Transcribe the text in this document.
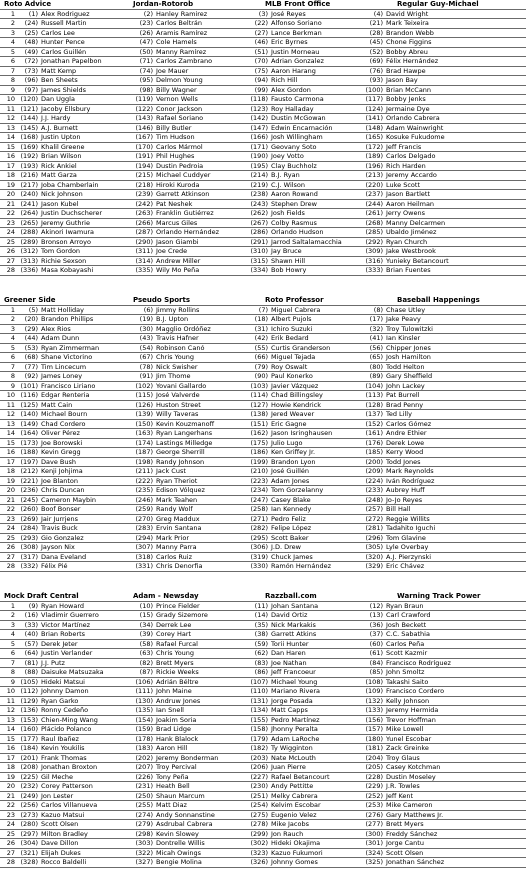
Roto Advice	Jordan-Rotorob	MLB Front Office	Regular Guy-Michael
1	(1) Alex Rodriguez	(2) Hanley Ramirez	(3) José Reyes	(4) David Wright
2	(24) Russell Martin	(23) Carlos Beltrán	(22) Alfonso Soriano	(21) Mark Teixeira
3	(25) Carlos Lee	(26) Aramis Ramírez	(27) Lance Berkman	(28) Brandon Webb
4	(48) Hunter Pence	(47) Cole Hamels	(46) Eric Byrnes	(45) Chone Figgins
5	(49) Carlos Guillén	(50) Manny Ramírez	(51) Justin Morneau	(52) Bobby Abreu
6	(72) Jonathan Papelbon	(71) Carlos Zambrano	(70) Adrian Gonzalez	(69) Félix Hernández
7	(73) Matt Kemp	(74) Joe Mauer	(75) Aaron Harang	(76) Brad Hawpe
8	(96) Ben Sheets	(95) Delmon Young	(94) Rich Hill	(93) Jason Bay
9	(97) James Shields	(98) Billy Wagner	(99) Alex Gordon	(100) Brian McCann
10 (120) Dan Uggla	(119) Vernon Wells	(118) Fausto Carmona	(117) Bobby Jenks
11 (121) Jacoby Ellsbury	(122) Conor Jackson	(123) Roy Halladay	(124) Jermaine Dye
12 (144) J.J. Hardy	(143) Rafael Soriano	(142) Dustin McGowan	(141) Orlando Cabrera
13 (145) A.J. Burnett	(146) Billy Butler	(147) Edwin Encarnación	(148) Adam Wainwright
14 (168) Justin Upton	(167) Tim Hudson	(166) Josh Willingham	(165) Kosuke Fukudome
15 (169) Khalil Greene	(170) Carlos Mármol	(171) Geovany Soto	(172) Jeff Francis
16 (192) Brian Wilson	(191) Phil Hughes	(190) Joey Votto	(189) Carlos Delgado
17 (193) Rick Ankiel	(194) Dustin Pedroia	(195) Clay Buchholz	(196) Rich Harden
18 (216) Matt Garza	(215) Michael Cuddyer	(214) B.J. Ryan	(213) Jeremy Accardo
19 (217) Joba Chamberlain	(218) Hiroki Kuroda	(219) C.J. Wilson	(220) Luke Scott
20 (240) Nick Johnson	(239) Garrett Atkinson	(238) Aaron Rowand	(237) Jason Bartlett
21 (241) Jason Kubel	(242) Pat Neshek	(243) Stephen Drew	(244) Aaron Heilman
22 (264) Justin Duchscherer	(263) Franklin Gutiérrez	(262) Josh Fields	(261) Jerry Owens
23 (265) Jeremy Guthrie	(266) Marcus Giles	(267) Colby Rasmus	(268) Manny Delcarmen
24 (288) Akinori Iwamura	(287) Orlando Hernández	(286) Orlando Hudson	(285) Ubaldo Jiménez
25 (289) Bronson Arroyo	(290) Jason Giambi	(291) Jarrod Saltalamacchia	(292) Ryan Church
26 (312) Tom Gordon	(311) Joe Crede	(310) Jay Bruce	(309) Jake Westbrook
27 (313) Richie Sexson	(314) Andrew Miller	(315) Shawn Hill	(316) Yunieky Betancourt
28 (336) Masa Kobayashi	(335) Wily Mo Peña	(334) Bob Howry	(333) Brian Fuentes
Greener Side	Pseudo Sports	Roto Professor	Baseball Happenings
1	(5) Matt Holliday	(6) Jimmy Rollins	(7) Miguel Cabrera	(8) Chase Utley
2	(20) Brandon Phillips	(19) B.J. Upton	(18) Albert Pujols	(17) Jake Peavy
3	(29) Alex Rios	(30) Magglio Ordóñez	(31) Ichiro Suzuki	(32) Troy Tulowitzki
4	(44) Adam Dunn	(43) Travis Hafner	(42) Erik Bedard	(41) Ian Kinsler
5	(53) Ryan Zimmerman	(54) Robinson Canó	(55) Curtis Granderson	(56) Chipper Jones
6	(68) Shane Victorino	(67) Chris Young	(66) Miguel Tejada	(65) Josh Hamilton
7	(77) Tim Lincecum	(78) Nick Swisher	(79) Roy Oswalt	(80) Todd Helton
8	(92) James Loney	(91) Jim Thome	(90) Paul Konerko	(89) Gary Sheffield
9 (101) Francisco Liriano	(102) Yovani Gallardo	(103) Javier Vázquez	(104) John Lackey
10 (116) Edgar Renteria	(115) José Valverde	(114) Chad Billingsley	(113) Pat Burrell
11 (125) Matt Cain	(126) Huston Street	(127) Howie Kendrick	(128) Brad Penny
12 (140) Michael Bourn	(139) Willy Taveras	(138) Jered Weaver	(137) Ted Lilly
13 (149) Chad Cordero	(150) Kevin Kouzmanoff	(151) Eric Gagne	(152) Carlos Gómez
14 (164) Oliver Pérez	(163) Ryan Langerhans	(162) Jason Isringhausen	(161) Andre Ethier
15 (173) Joe Borowski	(174) Lastings Milledge	(175) Julio Lugo	(176) Derek Lowe
16 (188) Kevin Gregg	(187) George Sherrill	(186) Ken Griffey Jr.	(185) Kerry Wood
17 (197) Dave Bush	(198) Randy Johnson	(199) Brandon Lyon	(200) Todd Jones
18 (212) Kenji Johjima	(211) Jack Cust	(210) José Guillén	(209) Mark Reynolds
19 (221) Joe Blanton	(222) Ryan Theriot	(223) Adam Jones	(224) Iván Rodríguez
20 (236) Chris Duncan	(235) Edison Vólquez	(234) Tom Gorzelanny	(233) Aubrey Huff
21 (245) Cameron Maybin	(246) Mark Teahen	(247) Casey Blake	(248) Jo-Jo Reyes
22 (260) Boof Bonser	(259) Randy Wolf	(258) Ian Kennedy	(257) Bill Hall
23 (269) Jair Jurrjens	(270) Greg Maddux	(271) Pedro Feliz	(272) Reggie Willits
24 (284) Travis Buck	(283) Ervin Santana	(282) Felipe López	(281) Tadahito Iguchi
25 (293) Gio Gonzalez	(294) Mark Prior	(295) Scott Baker	(296) Tom Glavine
26 (308) Jayson Nix	(307) Manny Parra	(306) J.D. Drew	(305) Lyle Overbay
27 (317) Dana Eveland	(318) Carlos Ruiz	(319) Chuck James	(320) A.J. Pierzynski
28 (332) Félix Pié	(331) Chris Denorfia	(330) Ramón Hernández	(329) Eric Chávez
Mock Draft Central	Adam - Newsday	Razzball.com	Warning Track Power
1	(9) Ryan Howard	(10) Prince Fielder	(11) Johan Santana	(12) Ryan Braun
2	(16) Vladimir Guerrero	(15) Grady Sizemore	(14) David Ortiz	(13) Carl Crawford
3	(33) Victor Martínez	(34) Derrek Lee	(35) Nick Markakis	(36) Josh Beckett
4	(40) Brian Roberts	(39) Corey Hart	(38) Garrett Atkins	(37) C.C. Sabathia
5	(57) Derek Jeter	(58) Rafael Furcal	(59) Torii Hunter	(60) Carlos Peña
6	(64) Justin Verlander	(63) Chris Young	(62) Dan Haren	(61) Scott Kazmir
7	(81) J.J. Putz	(82) Brett Myers	(83) Joe Nathan	(84) Francisco Rodríguez
8	(88) Daisuke Matsuzaka	(87) Rickie Weeks	(86) Jeff Francoeur	(85) John Smoltz
9 (105) Hideki Matsui	(106) Adrián Béltre	(107) Michael Young	(108) Takashi Saito
10 (112) Johnny Damon	(111) John Maine	(110) Mariano Rivera	(109) Francisco Cordero
11 (129) Ryan Garko	(130) Andruw Jones	(131) Jorge Posada	(132) Kelly Johnson
12 (136) Ronny Cedeño	(135) Ian Snell	(134) Matt Capps	(133) Jeremy Hermida
13 (153) Chien-Ming Wang	(154) Joakim Soria	(155) Pedro Martínez	(156) Trevor Hoffman
14 (160) Plácido Polanco	(159) Brad Lidge	(158) Jhonny Peralta	(157) Mike Lowell
15 (177) Raul Ibañez	(178) Hank Blalock	(179) Adam LaRoche	(180) Yunel Escobar
16 (184) Kevin Youkilis	(183) Aaron Hill	(182) Ty Wigginton	(181) Zack Greinke
17 (201) Frank Thomas	(202) Jeremy Bonderman	(203) Nate McLouth	(204) Troy Glaus
18 (208) Jonathan Broxton	(207) Troy Percival	(206) Juan Pierre	(205) Casey Kotchman
19 (225) Gil Meche	(226) Tony Peña	(227) Rafael Betancourt	(228) Dustin Moseley
20 (232) Corey Patterson	(231) Heath Bell	(230) Andy Pettitte	(229) J.R. Towles
21 (249) Jon Lester	(250) Shaun Marcum	(251) Melky Cabrera	(252) Jeff Kent
22 (256) Carlos Villanueva	(255) Matt Diaz	(254) Kelvim Escobar	(253) Mike Cameron
23 (273) Kazuo Matsui	(274) Andy Sonnanstine	(275) Eugenio Velez	(276) Gary Matthews Jr.
24 (280) Scott Olsen	(279) Asdrubal Cabrera	(278) Mike Jacobs	(277) Brett Myers
25 (297) Milton Bradley	(298) Kevin Slowey	(299) Jon Rauch	(300) Freddy Sánchez
26 (304) Dave Dillon	(303) Dontrelle Willis	(302) Hideki Okajima	(301) Jorge Cantu
27 (321) Elijah Dukes	(322) Micah Owings	(323) Kazuo Fukumori	(324) Scott Olsen
28 (328) Rocco Baldelli	(327) Bengie Molina	(326) Johnny Gomes	(325) Jonathan Sánchez
